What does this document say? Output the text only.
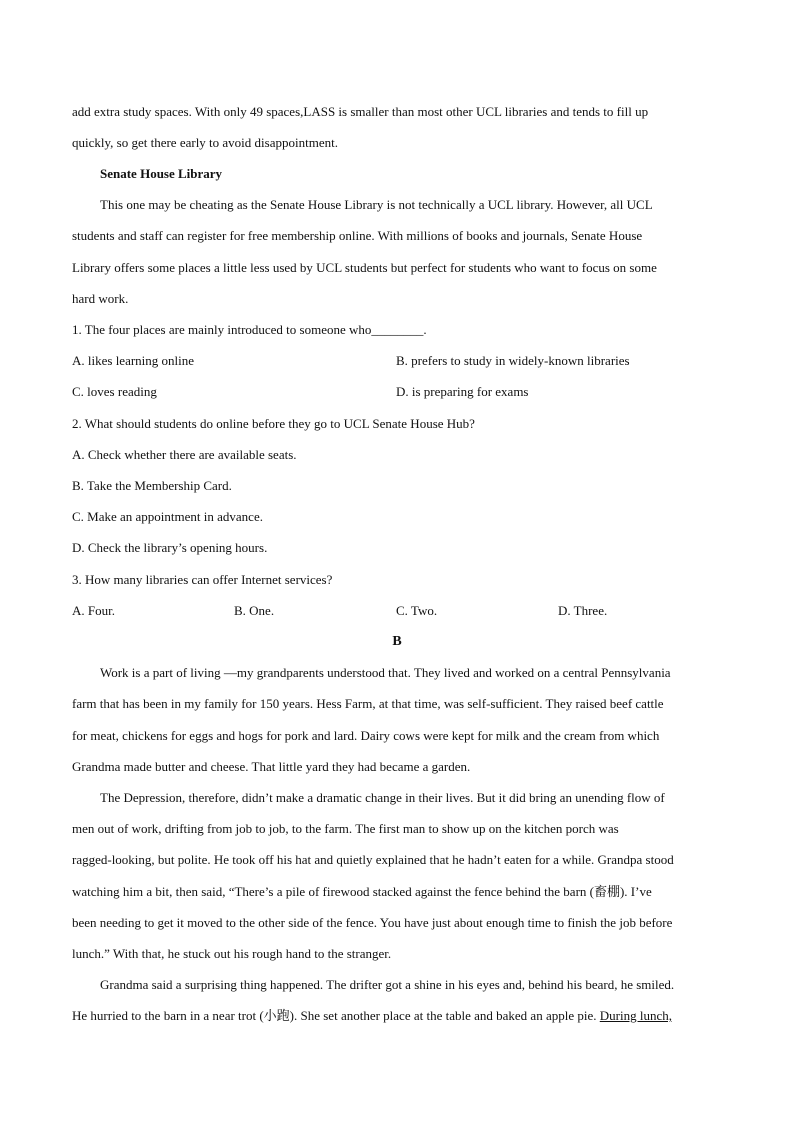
add extra study spaces. With only 49 spaces,LASS is smaller than most other UCL libraries and tends to fill up
quickly, so get there early to avoid disappointment.
Senate House Library
This one may be cheating as the Senate House Library is not technically a UCL library. However, all UCL
students and staff can register for free membership online. With millions of books and journals, Senate House
Library offers some places a little less used by UCL students but perfect for students who want to focus on some
hard work.
1. The four places are mainly introduced to someone who________.
A. likes learning online	B. prefers to study in widely-known libraries
C. loves reading	D. is preparing for exams
2. What should students do online before they go to UCL Senate House Hub?
A. Check whether there are available seats.
B. Take the Membership Card.
C. Make an appointment in advance.
D. Check the library’s opening hours.
3. How many libraries can offer Internet services?
A. Four.	B. One.	C. Two.	D. Three.
B
Work is a part of living —my grandparents understood that. They lived and worked on a central Pennsylvania
farm that has been in my family for 150 years. Hess Farm, at that time, was self-sufficient. They raised beef cattle
for meat, chickens for eggs and hogs for pork and lard. Dairy cows were kept for milk and the cream from which
Grandma made butter and cheese. That little yard they had became a garden.
The Depression, therefore, didn’t make a dramatic change in their lives. But it did bring an unending flow of
men out of work, drifting from job to job, to the farm. The first man to show up on the kitchen porch was
ragged-looking, but polite. He took off his hat and quietly explained that he hadn’t eaten for a while. Grandpa stood
watching him a bit, then said, “There’s a pile of firewood stacked against the fence behind the barn (畜棚). I’ve
been needing to get it moved to the other side of the fence. You have just about enough time to finish the job before
lunch.” With that, he stuck out his rough hand to the stranger.
Grandma said a surprising thing happened. The drifter got a shine in his eyes and, behind his beard, he smiled.
He hurried to the barn in a near trot (小跑). She set another place at the table and baked an apple pie. During lunch,
